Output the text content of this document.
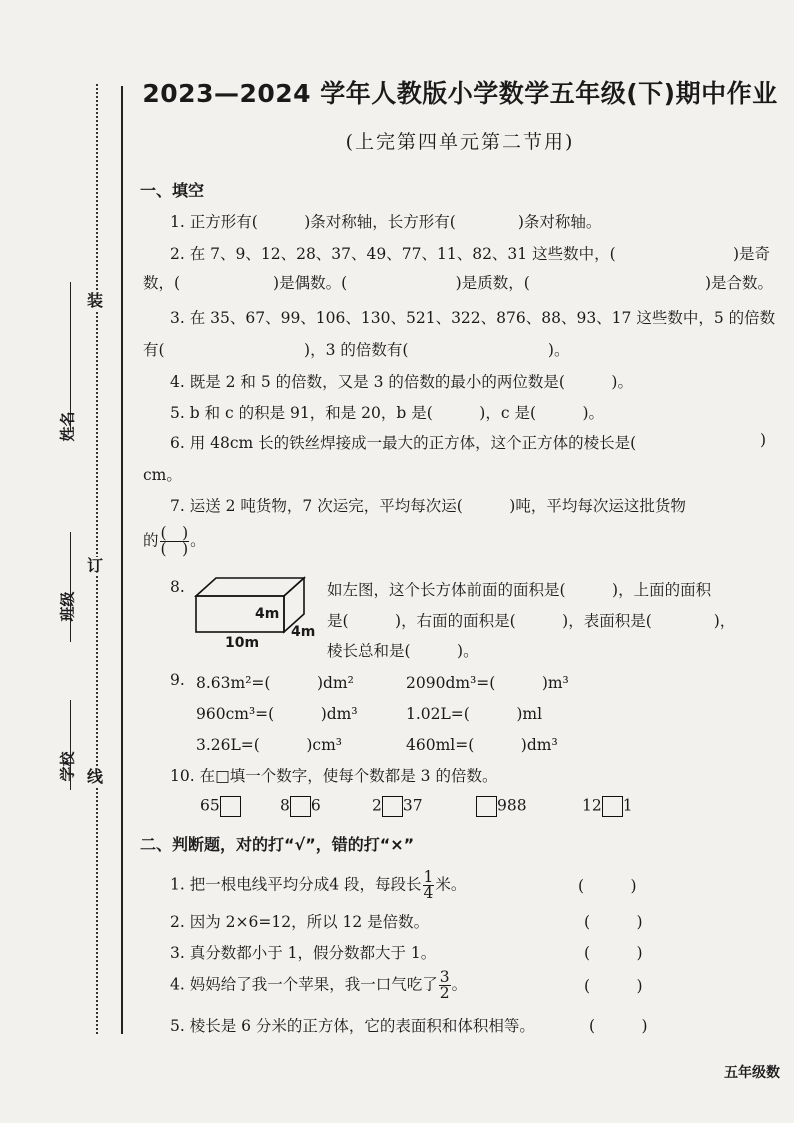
装
订
线
姓名
班级
学校
2023—2024 学年人教版小学数学五年级(下)期中作业
(上完第四单元第二节用)
一、填空
1. 正方形有(　　　)条对称轴，长方形有(　　　　)条对称轴。
2. 在 7、9、12、28、37、49、77、11、82、31 这些数中，(	)是奇
数，(　　　　　　)是偶数。(　　　　　　　)是质数，(	)是合数。
3. 在 35、67、99、106、130、521、322、876、88、93、17 这些数中，5 的倍数
有(　　　　　　　　　)，3 的倍数有(　　　　　　　　　)。
4. 既是 2 和 5 的倍数，又是 3 的倍数的最小的两位数是(　　　)。
5. b 和 c 的积是 91，和是 20，b 是(　　　)，c 是(　　　)。
6. 用 48cm 长的铁丝焊接成一最大的正方体，这个正方体的棱长是(	)
cm。
7. 运送 2 吨货物，7 次运完，平均每次运(　　　)吨，平均每次运这批货物
的 $\frac{( )}{( )}$ 。
8.
4m
4m
10m
如左图，这个长方体前面的面积是(　　　)，上面的面积
是(　　　)，右面的面积是(　　　)，表面积是(　　　　)，
棱长总和是(　　　)。
9. 8.63m²=(　　　)dm²	2090dm³=(　　　)m³
960cm³=(　　　)dm³	1.02L=(　　　)ml
3.26L=(　　　)cm³	460ml=(　　　)dm³
10. 在□填一个数字，使每个数都是 3 的倍数。
65	8 6	2 37	988	12 1
二、判断题，对的打“√”，错的打“×”
1. 把一根电线平均分成4 段，每段长 $\frac{1}{4}$ 米。	(　　　)
2. 因为 2×6=12，所以 12 是倍数。	(　　　)
3. 真分数都小于 1，假分数都大于 1。	(　　　)
4. 妈妈给了我一个苹果，我一口气吃了 $\frac{3}{2}$ 。	(　　　)
5. 棱长是 6 分米的正方体，它的表面积和体积相等。	(　　　)
五年级数
